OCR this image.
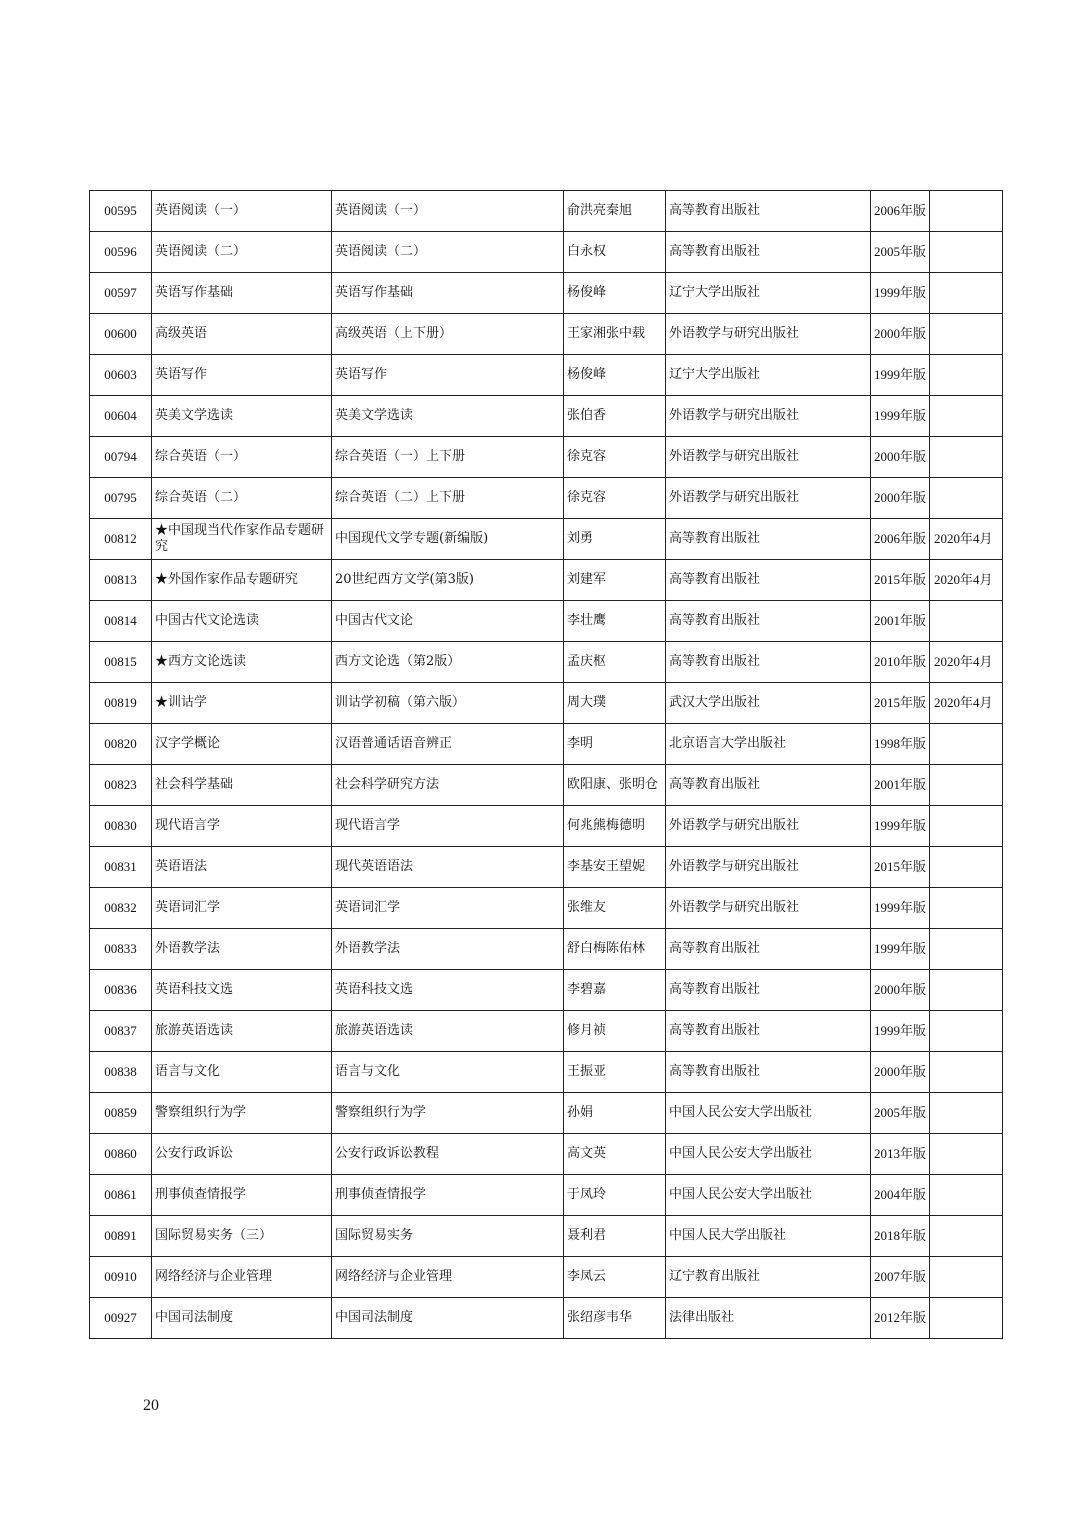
00595	英语阅读（一）	英语阅读（一）	俞洪亮秦旭	高等教育出版社	2006年版	
00596	英语阅读（二）	英语阅读（二）	白永权	高等教育出版社	2005年版	
00597	英语写作基础	英语写作基础	杨俊峰	辽宁大学出版社	1999年版	
00600	高级英语	高级英语（上下册）	王家湘张中载	外语教学与研究出版社	2000年版	
00603	英语写作	英语写作	杨俊峰	辽宁大学出版社	1999年版	
00604	英美文学选读	英美文学选读	张伯香	外语教学与研究出版社	1999年版	
00794	综合英语（一）	综合英语（一）上下册	徐克容	外语教学与研究出版社	2000年版	
00795	综合英语（二）	综合英语（二）上下册	徐克容	外语教学与研究出版社	2000年版	
00812	★中国现当代作家作品专题研究	中国现代文学专题(新编版)	刘勇	高等教育出版社	2006年版	2020年4月
00813	★外国作家作品专题研究	20世纪西方文学(第3版)	刘建军	高等教育出版社	2015年版	2020年4月
00814	中国古代文论选读	中国古代文论	李壮鹰	高等教育出版社	2001年版	
00815	★西方文论选读	西方文论选（第2版）	孟庆枢	高等教育出版社	2010年版	2020年4月
00819	★训诂学	训诂学初稿（第六版）	周大璞	武汉大学出版社	2015年版	2020年4月
00820	汉字学概论	汉语普通话语音辨正	李明	北京语言大学出版社	1998年版	
00823	社会科学基础	社会科学研究方法	欧阳康、张明仓	高等教育出版社	2001年版	
00830	现代语言学	现代语言学	何兆熊梅德明	外语教学与研究出版社	1999年版	
00831	英语语法	现代英语语法	李基安王望妮	外语教学与研究出版社	2015年版	
00832	英语词汇学	英语词汇学	张维友	外语教学与研究出版社	1999年版	
00833	外语教学法	外语教学法	舒白梅陈佑林	高等教育出版社	1999年版	
00836	英语科技文选	英语科技文选	李碧嘉	高等教育出版社	2000年版	
00837	旅游英语选读	旅游英语选读	修月祯	高等教育出版社	1999年版	
00838	语言与文化	语言与文化	王振亚	高等教育出版社	2000年版	
00859	警察组织行为学	警察组织行为学	孙娟	中国人民公安大学出版社	2005年版	
00860	公安行政诉讼	公安行政诉讼教程	高文英	中国人民公安大学出版社	2013年版	
00861	刑事侦查情报学	刑事侦查情报学	于凤玲	中国人民公安大学出版社	2004年版	
00891	国际贸易实务（三）	国际贸易实务	聂利君	中国人民大学出版社	2018年版	
00910	网络经济与企业管理	网络经济与企业管理	李凤云	辽宁教育出版社	2007年版	
00927	中国司法制度	中国司法制度	张绍彦韦华	法律出版社	2012年版	
20
